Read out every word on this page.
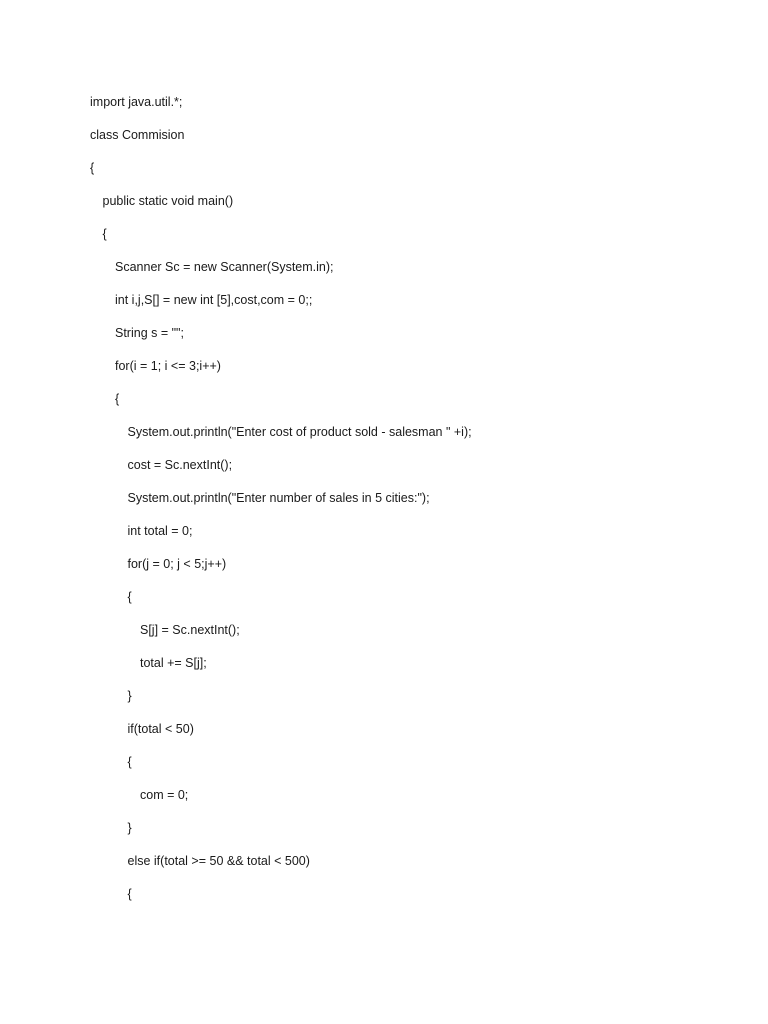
import java.util.*;
class Commision
{
public static void main()
{
Scanner Sc = new Scanner(System.in);
int i,j,S[] = new int [5],cost,com = 0;;
String s = "";
for(i = 1; i <= 3;i++)
{
System.out.println("Enter cost of product sold - salesman " +i);
cost = Sc.nextInt();
System.out.println("Enter number of sales in 5 cities:");
int total = 0;
for(j = 0; j < 5;j++)
{
S[j] = Sc.nextInt();
total += S[j];
}
if(total < 50)
{
com = 0;
}
else if(total >= 50 && total < 500)
{
